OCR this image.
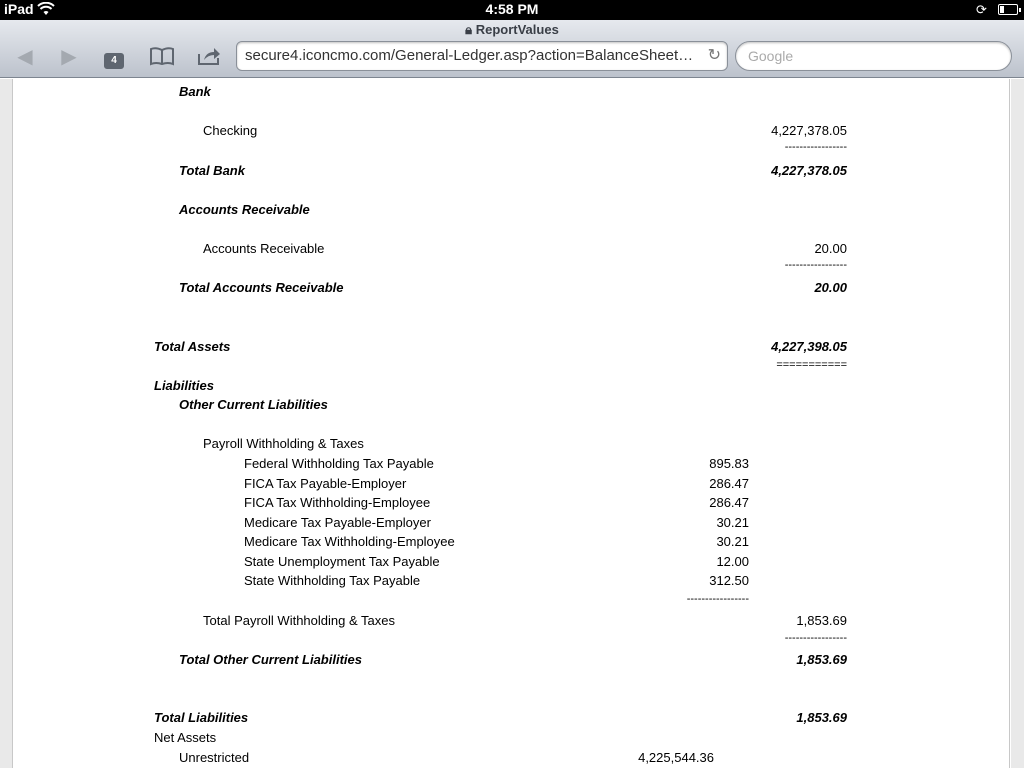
iPad	4:58 PM	⟳
🔒︎ ReportValues
◀	▶	4	secure4.iconcmo.com/General-Ledger.asp?action=BalanceSheet… ↻	Google
Bank
Checking	4,227,378.05
-----------------
Total Bank	4,227,378.05
Accounts Receivable
Accounts Receivable	20.00
-----------------
Total Accounts Receivable	20.00
Total Assets	4,227,398.05
===========
Liabilities
Other Current Liabilities
Payroll Withholding & Taxes
Federal Withholding Tax Payable	895.83
FICA Tax Payable-Employer	286.47
FICA Tax Withholding-Employee	286.47
Medicare Tax Payable-Employer	30.21
Medicare Tax Withholding-Employee	30.21
State Unemployment Tax Payable	12.00
State Withholding Tax Payable	312.50
-----------------
Total Payroll Withholding & Taxes	1,853.69
-----------------
Total Other Current Liabilities	1,853.69
Total Liabilities	1,853.69
Net Assets
Unrestricted	4,225,544.36
